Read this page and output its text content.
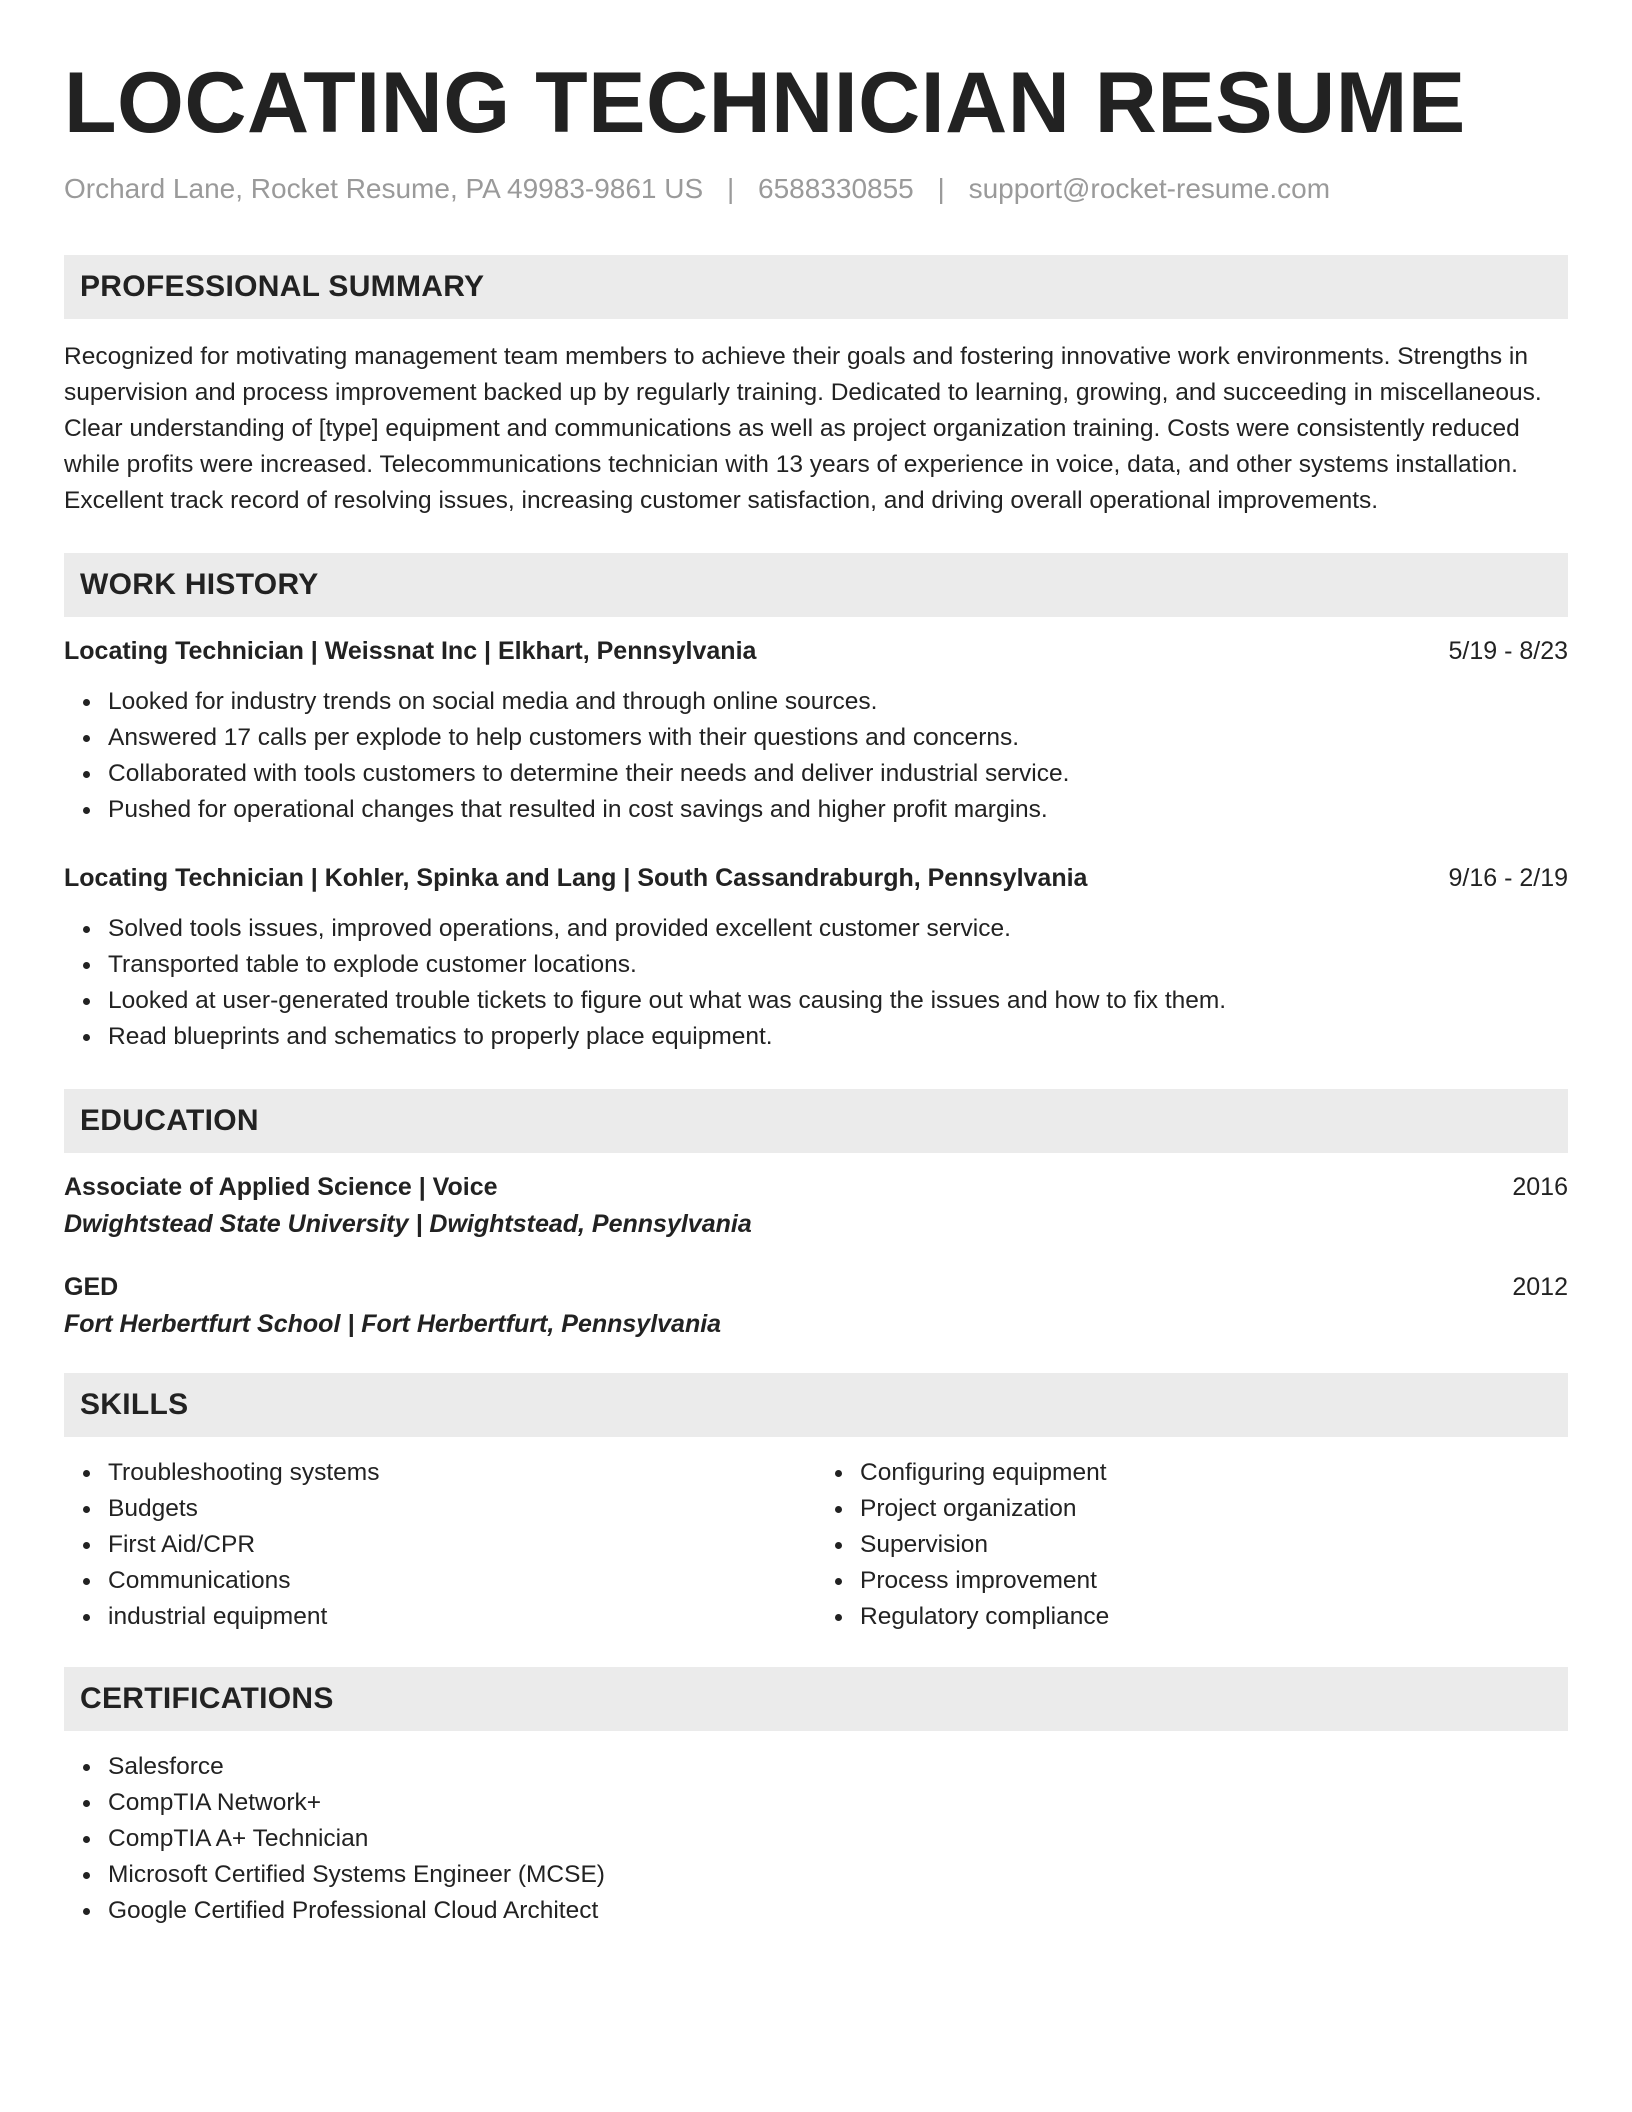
LOCATING TECHNICIAN RESUME
Orchard Lane, Rocket Resume, PA 49983-9861 US | 6588330855 | support@rocket-resume.com
PROFESSIONAL SUMMARY

Recognized for motivating management team members to achieve their goals and fostering innovative work environments. Strengths in supervision and process improvement backed up by regularly training. Dedicated to learning, growing, and succeeding in miscellaneous. Clear understanding of [type] equipment and communications as well as project organization training. Costs were consistently reduced while profits were increased. Telecommunications technician with 13 years of experience in voice, data, and other systems installation. Excellent track record of resolving issues, increasing customer satisfaction, and driving overall operational improvements.

WORK HISTORY
Locating Technician | Weissnat Inc | Elkhart, Pennsylvania	5/19 - 8/23
Looked for industry trends on social media and through online sources.
Answered 17 calls per explode to help customers with their questions and concerns.
Collaborated with tools customers to determine their needs and deliver industrial service.
Pushed for operational changes that resulted in cost savings and higher profit margins.
Locating Technician | Kohler, Spinka and Lang | South Cassandraburgh, Pennsylvania	9/16 - 2/19
Solved tools issues, improved operations, and provided excellent customer service.
Transported table to explode customer locations.
Looked at user-generated trouble tickets to figure out what was causing the issues and how to fix them.
Read blueprints and schematics to properly place equipment.
EDUCATION
Associate of Applied Science | Voice	2016
Dwightstead State University | Dwightstead, Pennsylvania
GED	2012
Fort Herbertfurt School | Fort Herbertfurt, Pennsylvania
SKILLS
Troubleshooting systems
Budgets
First Aid/CPR
Communications
industrial equipment
Configuring equipment
Project organization
Supervision
Process improvement
Regulatory compliance
CERTIFICATIONS
Salesforce
CompTIA Network+
CompTIA A+ Technician
Microsoft Certified Systems Engineer (MCSE)
Google Certified Professional Cloud Architect
